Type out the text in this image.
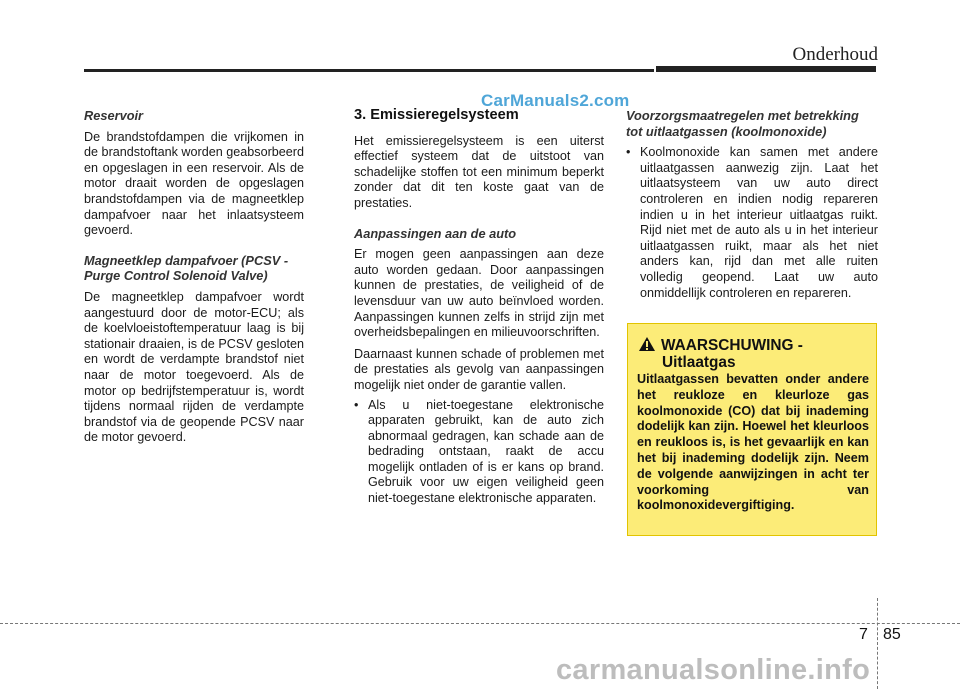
Onderhoud
CarManuals2.com
Reservoir

De brandstofdampen die vrijkomen in de brandstoftank worden geabsorbeerd en opgeslagen in een reservoir. Als de motor draait worden de opgeslagen brandstofdampen via de magneetklep dampafvoer naar het inlaatsysteem gevoerd.

Magneetklep dampafvoer (PCSV - Purge Control Solenoid Valve)

De magneetklep dampafvoer wordt aangestuurd door de motor-ECU; als de koelvloeistoftemperatuur laag is bij stationair draaien, is de PCSV gesloten en wordt de verdampte brandstof niet naar de motor toegevoerd. Als de motor op bedrijfstemperatuur is, wordt tijdens normaal rijden de verdampte brandstof via de geopende PCSV naar de motor gevoerd.

3. Emissieregelsysteem

Het emissieregelsysteem is een uiterst effectief systeem dat de uitstoot van schadelijke stoffen tot een minimum beperkt zonder dat dit ten koste gaat van de prestaties.

Aanpassingen aan de auto

Er mogen geen aanpassingen aan deze auto worden gedaan. Door aanpassingen kunnen de prestaties, de veiligheid of de levensduur van uw auto beïnvloed worden. Aanpassingen kunnen zelfs in strijd zijn met overheidsbepalingen en milieuvoorschriften.

Daarnaast kunnen schade of problemen met de prestaties als gevolg van aanpassingen mogelijk niet onder de garantie vallen.

• Als u niet-toegestane elektronische apparaten gebruikt, kan de auto zich abnormaal gedragen, kan schade aan de bedrading ontstaan, raakt de accu mogelijk ontladen of is er kans op brand. Gebruik voor uw eigen veiligheid geen niet-toegestane elektronische apparaten.
Voorzorgsmaatregelen met betrekking tot uitlaatgassen (koolmonoxide)
• Koolmonoxide kan samen met andere uitlaatgassen aanwezig zijn. Laat het uitlaatsysteem van uw auto direct controleren en indien nodig repareren indien u in het interieur uitlaatgas ruikt. Rijd niet met de auto als u in het interieur uitlaatgassen ruikt, maar als het niet anders kan, rijd dan met alle ruiten volledig geopend. Laat uw auto onmiddellijk controleren en repareren.
WAARSCHUWING -
Uitlaatgas
Uitlaatgassen bevatten onder andere het reukloze en kleurloze gas koolmonoxide (CO) dat bij inademing dodelijk kan zijn. Hoewel het kleurloos en reukloos is, is het gevaarlijk en kan het bij inademing dodelijk zijn. Neem de volgende aanwijzingen in acht ter voorkoming van koolmonoxidevergiftiging.
7 85
carmanualsonline.info
